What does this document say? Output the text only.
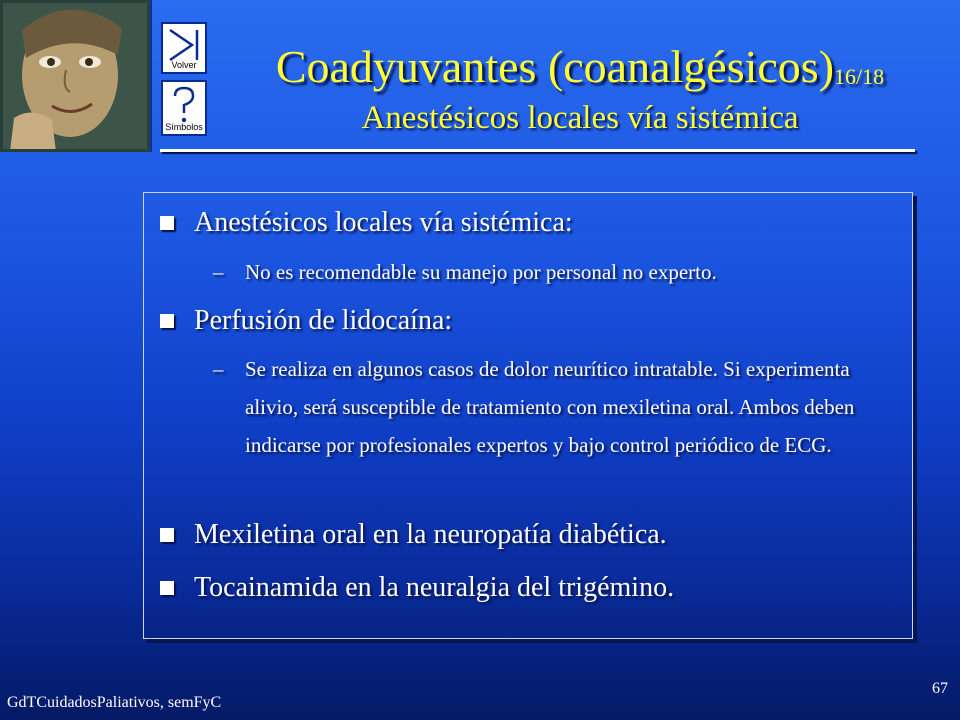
Volver
Símbolos
Coadyuvantes $(coanalgésicos)_{16/18}$
Anestésicos locales vía sistémica
Anestésicos locales vía sistémica:
– No es recomendable su manejo por personal no experto.
Perfusión de lidocaína:
– Se realiza en algunos casos de dolor neurítico intratable. Si experimenta alivio, será susceptible de tratamiento con mexiletina oral. Ambos deben indicarse por profesionales expertos y bajo control periódico de ECG.
Mexiletina oral en la neuropatía diabética.
Tocainamida en la neuralgia del trigémino.
GdTCuidadosPaliativos, semFyC
67
